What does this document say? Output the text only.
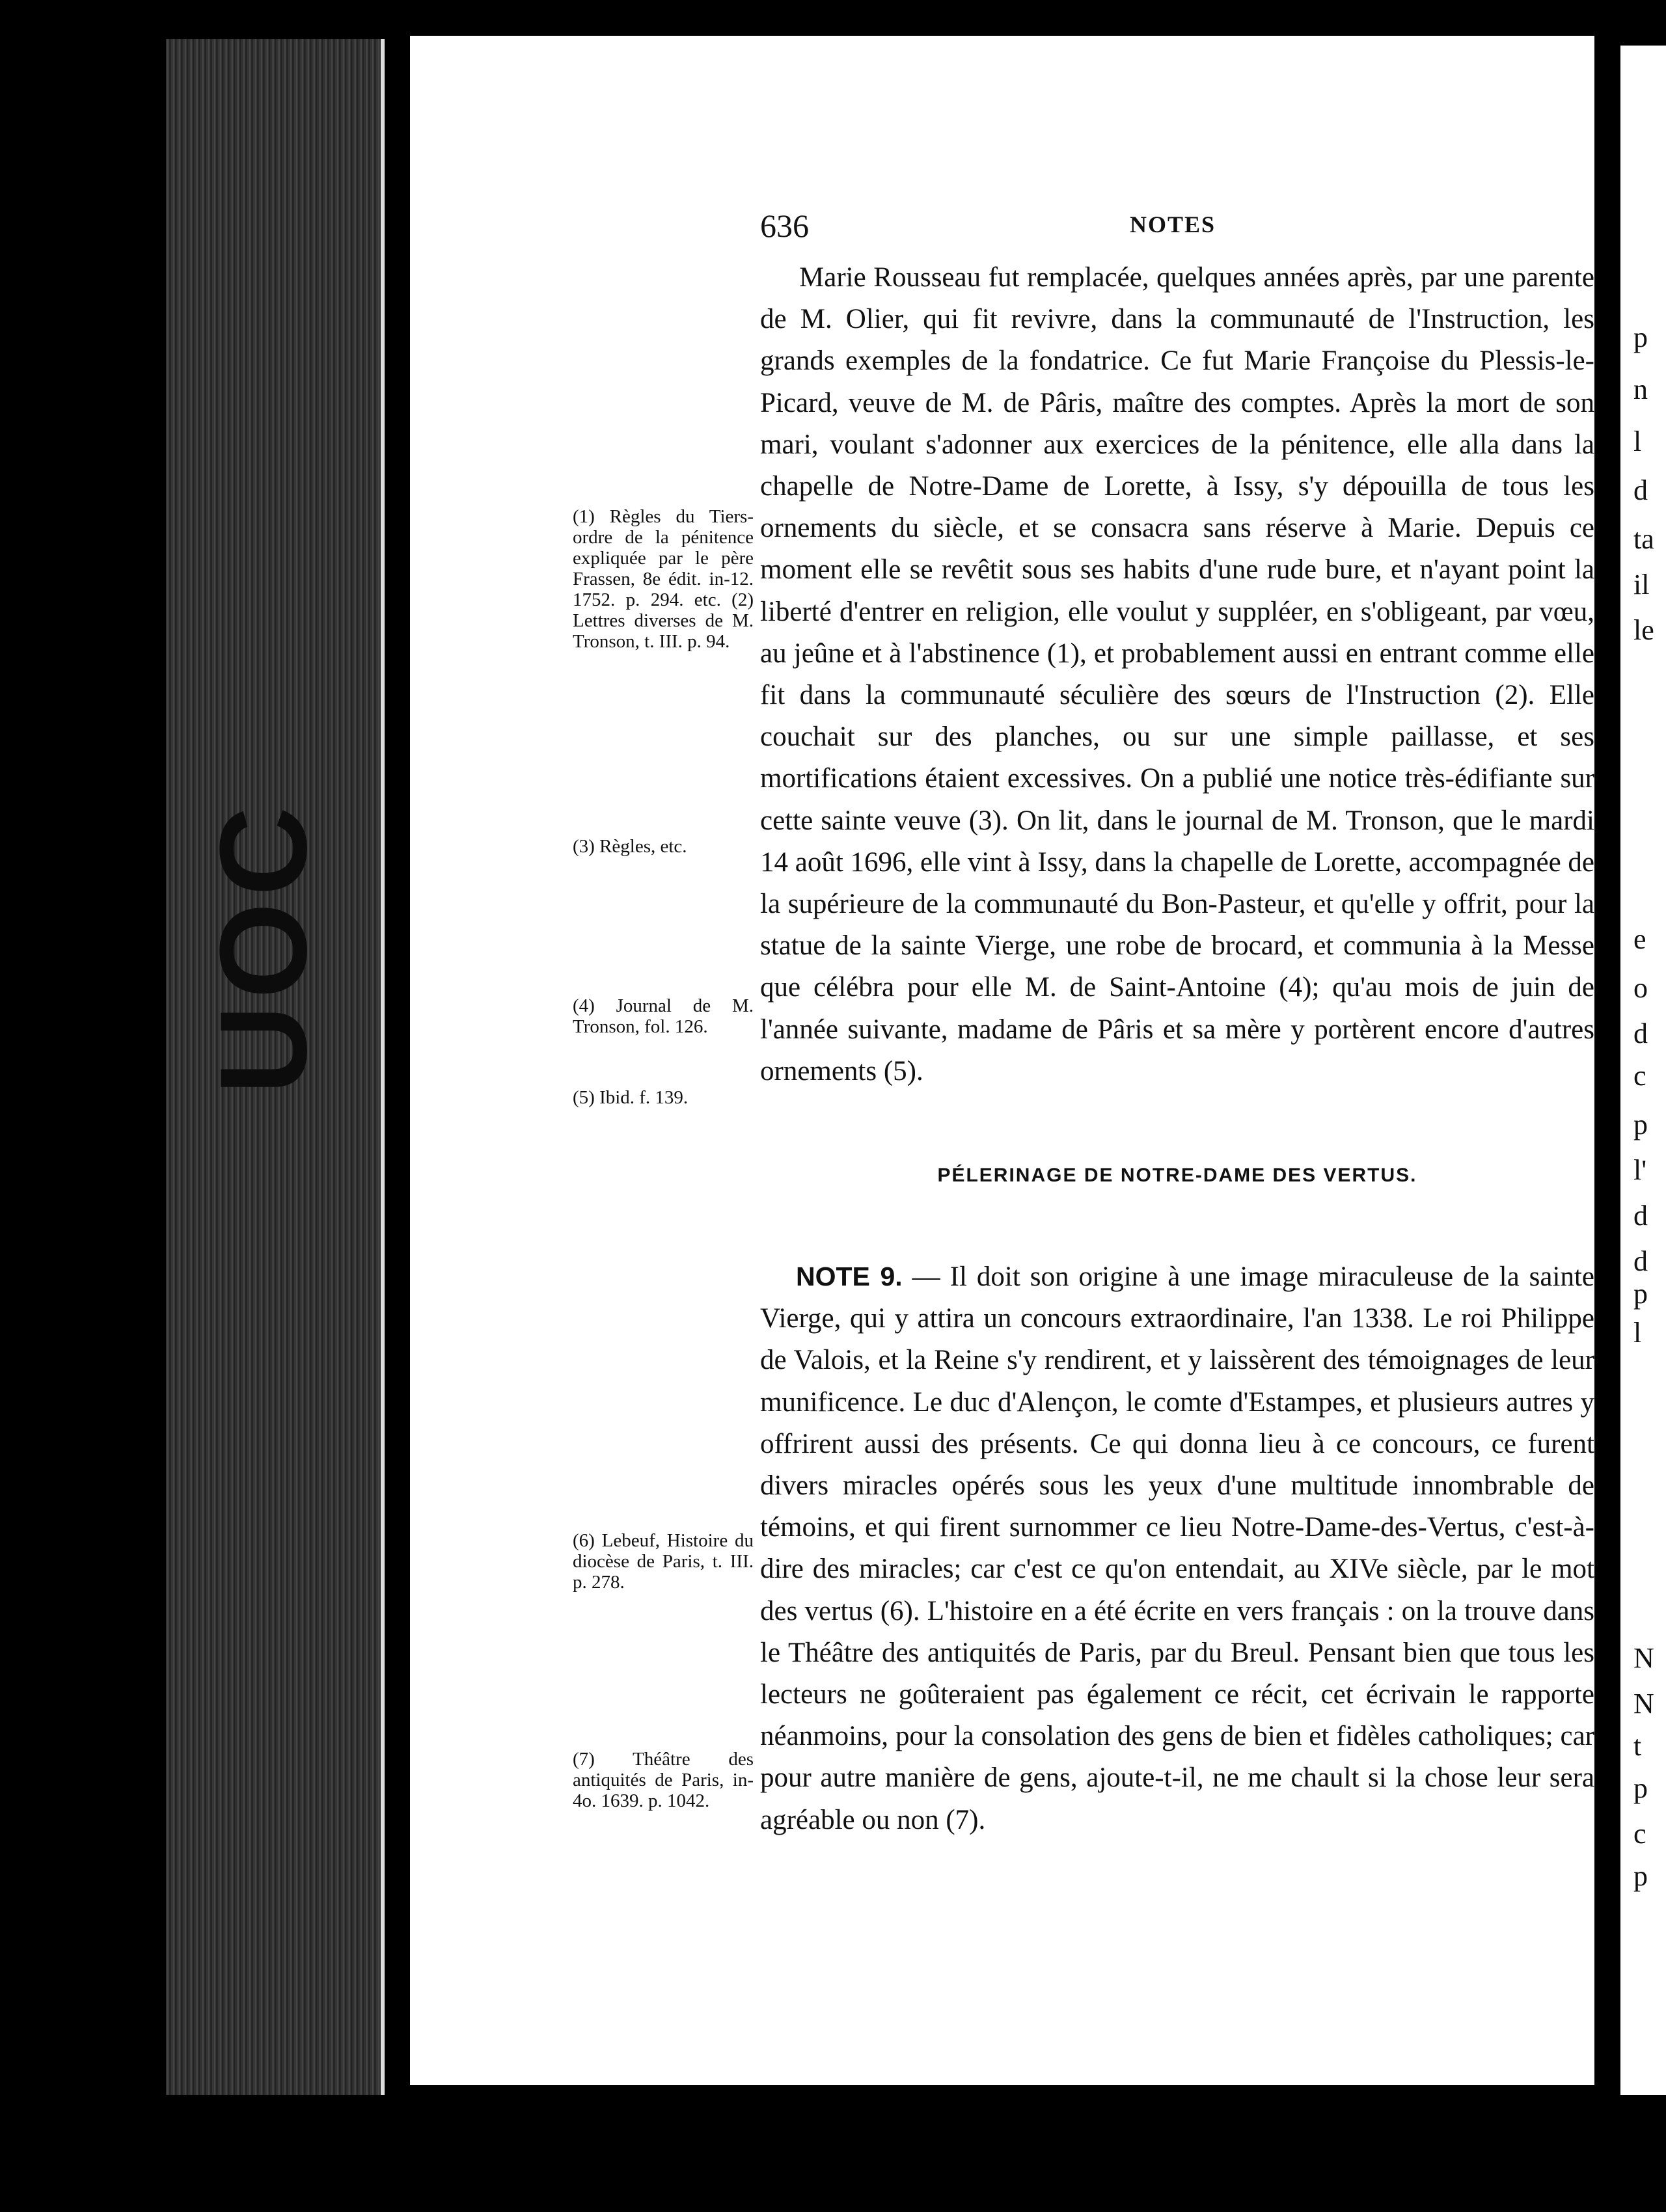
UOC
636	NOTES

Marie Rousseau fut remplacée, quelques années après, par une parente de M. Olier, qui fit revivre, dans la communauté de l'Instruction, les grands exemples de la fondatrice. Ce fut Marie Françoise du Plessis-le-Picard, veuve de M. de Pâris, maître des comptes. Après la mort de son mari, voulant s'adonner aux exercices de la pénitence, elle alla dans la chapelle de Notre-Dame de Lorette, à Issy, s'y dépouilla de tous les ornements du siècle, et se consacra sans réserve à Marie. Depuis ce moment elle se revêtit sous ses habits d'une rude bure, et n'ayant point la liberté d'entrer en religion, elle voulut y suppléer, en s'obligeant, par vœu, au jeûne et à l'abstinence (1), et probablement aussi en entrant comme elle fit dans la communauté séculière des sœurs de l'Instruction (2). Elle couchait sur des planches, ou sur une simple paillasse, et ses mortifications étaient excessives. On a publié une notice très-édifiante sur cette sainte veuve (3). On lit, dans le journal de M. Tronson, que le mardi 14 août 1696, elle vint à Issy, dans la chapelle de Lorette, accompagnée de la supérieure de la communauté du Bon-Pasteur, et qu'elle y offrit, pour la statue de la sainte Vierge, une robe de brocard, et communia à la Messe que célébra pour elle M. de Saint-Antoine (4); qu'au mois de juin de l'année suivante, madame de Pâris et sa mère y portèrent encore d'autres ornements (5).

PÉLERINAGE DE NOTRE-DAME DES VERTUS.

NOTE 9. — Il doit son origine à une image miraculeuse de la sainte Vierge, qui y attira un concours extraordinaire, l'an 1338. Le roi Philippe de Valois, et la Reine s'y rendirent, et y laissèrent des témoignages de leur munificence. Le duc d'Alençon, le comte d'Estampes, et plusieurs autres y offrirent aussi des présents. Ce qui donna lieu à ce concours, ce furent divers miracles opérés sous les yeux d'une multitude innombrable de témoins, et qui firent surnommer ce lieu Notre-Dame-des-Vertus, c'est-à-dire des miracles; car c'est ce qu'on entendait, au XIVe siècle, par le mot des vertus (6). L'histoire en a été écrite en vers français : on la trouve dans le Théâtre des antiquités de Paris, par du Breul. Pensant bien que tous les lecteurs ne goûteraient pas également ce récit, cet écrivain le rapporte néanmoins, pour la consolation des gens de bien et fidèles catholiques; car pour autre manière de gens, ajoute-t-il, ne me chault si la chose leur sera agréable ou non (7).

(1) Règles du Tiers-ordre de la pénitence expliquée par le père Frassen, 8e édit. in-12. 1752. p. 294. etc. (2) Lettres diverses de M. Tronson, t. III. p. 94.
(3) Règles, etc.
(4) Journal de M. Tronson, fol. 126.
(5) Ibid. f. 139.
(6) Lebeuf, Histoire du diocèse de Paris, t. III. p. 278.
(7) Théâtre des antiquités de Paris, in-4o. 1639. p. 1042.
p
n
l
d
ta
il
le
e
o
d
c
p
l'
d
d
p
l
N
N
t
p
c
p
